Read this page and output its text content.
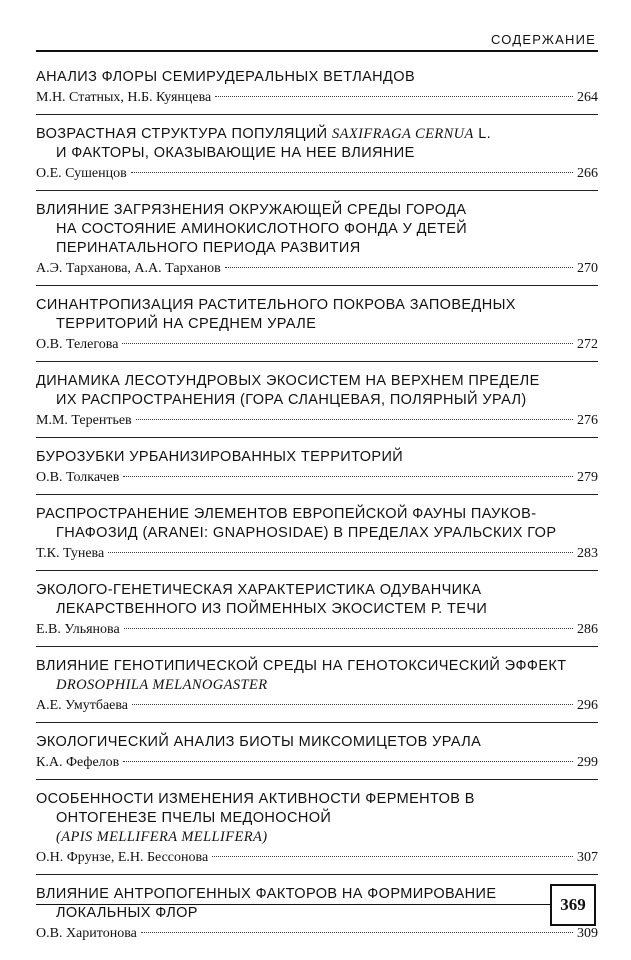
СОДЕРЖАНИЕ
АНАЛИЗ ФЛОРЫ СЕМИРУДЕРАЛЬНЫХ ВЕТЛАНДОВ
М.Н. Статных, Н.Б. Куянцева	264
ВОЗРАСТНАЯ СТРУКТУРА ПОПУЛЯЦИЙ SAXIFRAGA CERNUA L.
И ФАКТОРЫ, ОКАЗЫВАЮЩИЕ НА НЕЕ ВЛИЯНИЕ
О.Е. Сушенцов	266
ВЛИЯНИЕ ЗАГРЯЗНЕНИЯ ОКРУЖАЮЩЕЙ СРЕДЫ ГОРОДА
НА СОСТОЯНИЕ АМИНОКИСЛОТНОГО ФОНДА У ДЕТЕЙ
ПЕРИНАТАЛЬНОГО ПЕРИОДА РАЗВИТИЯ
А.Э. Тарханова, А.А. Тарханов	270
СИНАНТРОПИЗАЦИЯ РАСТИТЕЛЬНОГО ПОКРОВА ЗАПОВЕДНЫХ
ТЕРРИТОРИЙ НА СРЕДНЕМ УРАЛЕ
О.В. Телегова	272
ДИНАМИКА ЛЕСОТУНДРОВЫХ ЭКОСИСТЕМ НА ВЕРХНЕМ ПРЕДЕЛЕ
ИХ РАСПРОСТРАНЕНИЯ (ГОРА СЛАНЦЕВАЯ, ПОЛЯРНЫЙ УРАЛ)
М.М. Терентьев	276
БУРОЗУБКИ УРБАНИЗИРОВАННЫХ ТЕРРИТОРИЙ
О.В. Толкачев	279
РАСПРОСТРАНЕНИЕ ЭЛЕМЕНТОВ ЕВРОПЕЙСКОЙ ФАУНЫ ПАУКОВ-
ГНАФОЗИД (ARANEI: GNAPHOSIDAE) В ПРЕДЕЛАХ УРАЛЬСКИХ ГОР
Т.К. Тунева	283
ЭКОЛОГО-ГЕНЕТИЧЕСКАЯ ХАРАКТЕРИСТИКА ОДУВАНЧИКА
ЛЕКАРСТВЕННОГО ИЗ ПОЙМЕННЫХ ЭКОСИСТЕМ Р. ТЕЧИ
Е.В. Ульянова	286
ВЛИЯНИЕ ГЕНОТИПИЧЕСКОЙ СРЕДЫ НА ГЕНОТОКСИЧЕСКИЙ ЭФФЕКТ
DROSOPHILA MELANOGASTER
А.Е. Умутбаева	296
ЭКОЛОГИЧЕСКИЙ АНАЛИЗ БИОТЫ МИКСОМИЦЕТОВ УРАЛА
К.А. Фефелов	299
ОСОБЕННОСТИ ИЗМЕНЕНИЯ АКТИВНОСТИ ФЕРМЕНТОВ В
ОНТОГЕНЕЗЕ ПЧЕЛЫ МЕДОНОСНОЙ
(APIS MELLIFERA MELLIFERA)
О.Н. Фрунзе, Е.Н. Бессонова	307
ВЛИЯНИЕ АНТРОПОГЕННЫХ ФАКТОРОВ НА ФОРМИРОВАНИЕ
ЛОКАЛЬНЫХ ФЛОР
О.В. Харитонова	309
369
